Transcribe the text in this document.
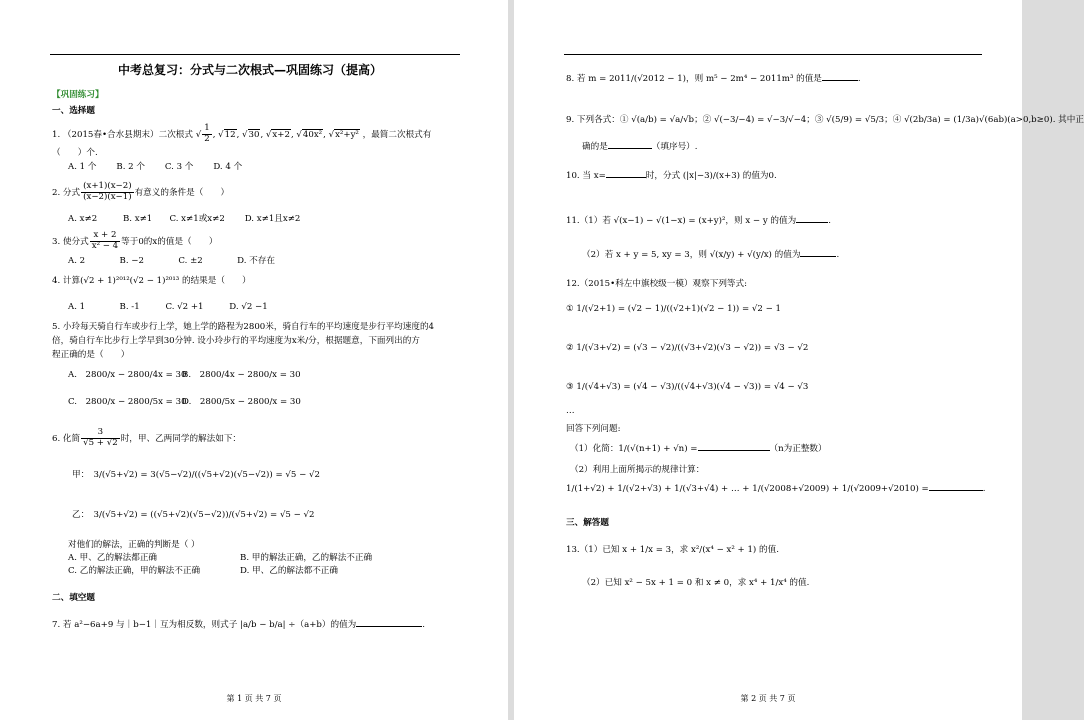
中考总复习：分式与二次根式—巩固练习（提高）
【巩固练习】
一、选择题
1. （2015春•合水县期末）二次根式 √ $\frac{1}{2}$ , √12, √30, √x+2, √40x², √x²+y² ，最简二次根式有
（　　）个.
A. 1 个　　 B. 2 个　　 C. 3 个　　 D. 4 个
2. 分式 $\frac{(x+1)(x-2)}{(x-2)(x-1)}$ 有意义的条件是（　　）
A. x≠2　　　B. x≠1　　C. x≠1或x≠2　　 D. x≠1且x≠2
3. 使分式 $\frac{x + 2}{\text{x² − 4}}$ 等于0的x的值是（　　）
A. 2　　　　B. −2　　　　C. ±2　　　　D. 不存在
4. 计算(√2 + 1)²⁰¹²(√2 − 1)²⁰¹³ 的结果是（　　）
A. 1　　　　B. -1　　　C. √2 +1　　　D. √2 −1
5. 小玲每天骑自行车或步行上学，她上学的路程为2800米，骑自行车的平均速度是步行平均速度的4
倍，骑自行车比步行上学早到30分钟. 设小玲步行的平均速度为x米/分，根据题意，下面列出的方
程正确的是（　　）
A.　2800/x − 2800/4x = 30
B.　2800/4x − 2800/x = 30
C.　2800/x − 2800/5x = 30
D.　2800/5x − 2800/x = 30
6. 化简 $\frac{3}{√5 + √2}$ 时，甲、乙两同学的解法如下：
甲：　3/(√5+√2) = 3(√5−√2)/((√5+√2)(√5−√2)) = √5 − √2
乙：　3/(√5+√2) = ((√5+√2)(√5−√2))/(√5+√2) = √5 − √2
对他们的解法，正确的判断是（ ）
A. 甲、乙的解法都正确	B. 甲的解法正确，乙的解法不正确
C. 乙的解法正确，甲的解法不正确	D. 甲、乙的解法都不正确
二、填空题
7. 若 a²−6a+9 与｜b−1｜互为相反数，则式子 |a/b − b/a| ÷（a+b）的值为	.
第 1 页 共 7 页
8. 若 m = 2011/(√2012 − 1)，则 m⁵ − 2m⁴ − 2011m³ 的值是	.
9. 下列各式：① √(a/b) = √a/√b；② √(−3/−4) = √−3/√−4；③ √(5/9) = √5/3；④ √(2b/3a) = (1/3a)√(6ab)(a>0,b≥0). 其中正
确的是	（填序号）.
10. 当 x=	时，分式 (|x|−3)/(x+3) 的值为0.
11.（1）若 √(x−1) − √(1−x) = (x+y)²，则 x − y 的值为	.
（2）若 x + y = 5, xy = 3，则 √(x/y) + √(y/x) 的值为	.
12.（2015•科左中旗校级一模）观察下列等式:
① 1/(√2+1) = (√2 − 1)/((√2+1)(√2 − 1)) = √2 − 1
② 1/(√3+√2) = (√3 − √2)/((√3+√2)(√3 − √2)) = √3 − √2
③ 1/(√4+√3) = (√4 − √3)/((√4+√3)(√4 − √3)) = √4 − √3
…
回答下列问题:
（1）化简：1/(√(n+1) + √n) =	（n为正整数）
（2）利用上面所揭示的规律计算：
1/(1+√2) + 1/(√2+√3) + 1/(√3+√4) + … + 1/(√2008+√2009) + 1/(√2009+√2010) =	.
三、解答题
13.（1）已知 x + 1/x = 3，求 x²/(x⁴ − x² + 1) 的值.
（2）已知 x² − 5x + 1 = 0 和 x ≠ 0，求 x⁴ + 1/x⁴ 的值.
第 2 页 共 7 页
